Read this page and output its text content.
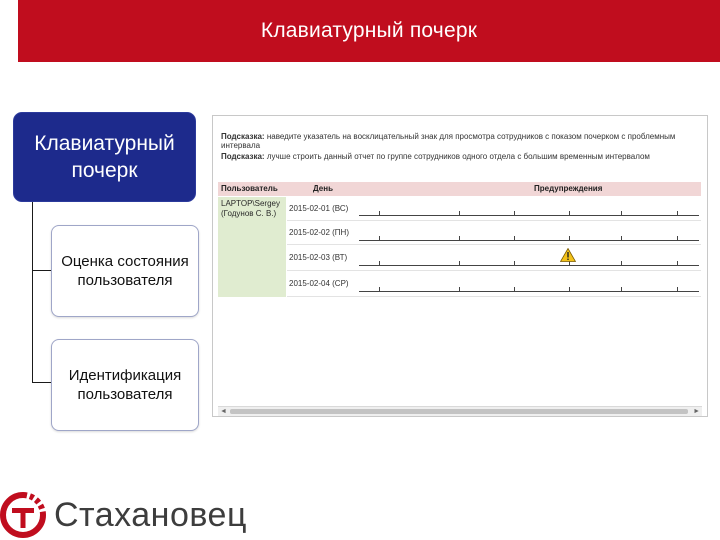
Клавиатурный почерк
Клавиатурный почерк
Оценка состояния пользователя
Идентификация пользователя
Подсказка: наведите указатель на восклицательный знак для просмотра сотрудников с показом почерком с проблемным интервала
Подсказка: лучше строить данный отчет по группе сотрудников одного отдела с большим временным интервалом
Пользователь	День	Предупреждения
LAPTOP\Sergey
(Годунов С. В.)
2015-02-01 (ВС)
2015-02-02 (ПН)
2015-02-03 (ВТ)
2015-02-04 (СР)
◄	►
Стахановец
